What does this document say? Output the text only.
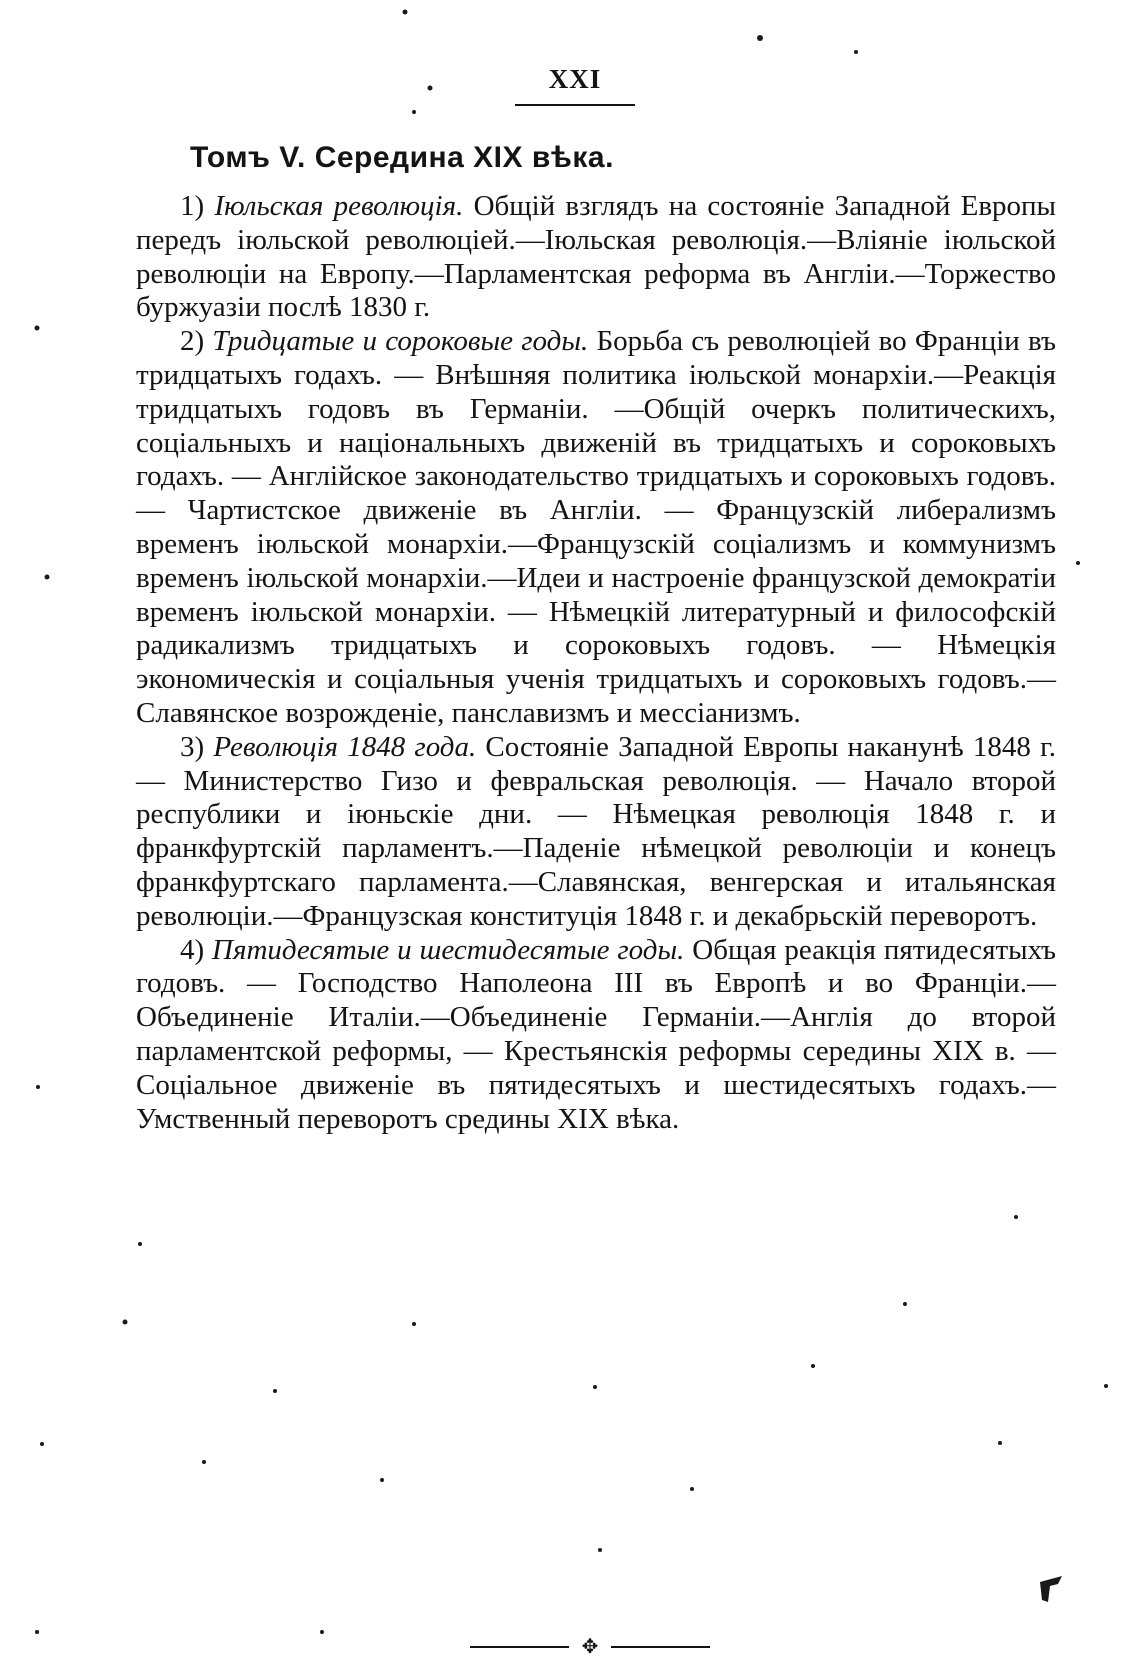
XXI
Томъ V. Середина XIX вѣка.

1) Іюльская революція. Общій взглядъ на состояніе Западной Европы передъ іюльской революціей.—Іюльская революція.—Вліяніе іюльской революціи на Европу.—Парламентская реформа въ Англіи.—Торжество буржуазіи послѣ 1830 г.

2) Тридцатые и сороковые годы. Борьба съ революціей во Франціи въ тридцатыхъ годахъ. — Внѣшняя политика іюльской монархіи.—Реакція тридцатыхъ годовъ въ Германіи. —Общій очеркъ политическихъ, соціальныхъ и національныхъ движеній въ тридцатыхъ и сороковыхъ годахъ. — Англійское законодательство тридцатыхъ и сороковыхъ годовъ. — Чартистское движеніе въ Англіи. — Французскій либерализмъ временъ іюльской монархіи.—Французскій соціализмъ и коммунизмъ временъ іюльской монархіи.—Идеи и настроеніе французской демократіи временъ іюльской монархіи. — Нѣмецкій литературный и философскій радикализмъ тридцатыхъ и сороковыхъ годовъ. — Нѣмецкія экономическія и соціальныя ученія тридцатыхъ и сороковыхъ годовъ.—Славянское возрожденіе, панславизмъ и мессіанизмъ.

3) Революція 1848 года. Состояніе Западной Европы наканунѣ 1848 г. — Министерство Гизо и февральская революція. — Начало второй республики и іюньскіе дни. — Нѣмецкая революція 1848 г. и франкфуртскій парламентъ.—Паденіе нѣмецкой революціи и конецъ франкфуртскаго парламента.—Славянская, венгерская и итальянская революціи.—Французская конституція 1848 г. и декабрьскій переворотъ.

4) Пятидесятые и шестидесятые годы. Общая реакція пятидесятыхъ годовъ. — Господство Наполеона III въ Европѣ и во Франціи.—Объединеніе Италіи.—Объединеніе Германіи.—Англія до второй парламентской реформы, — Крестьянскія реформы середины XIX в. — Соціальное движеніе въ пятидесятыхъ и шестидесятыхъ годахъ.—Умственный переворотъ средины XIX вѣка.

✥
